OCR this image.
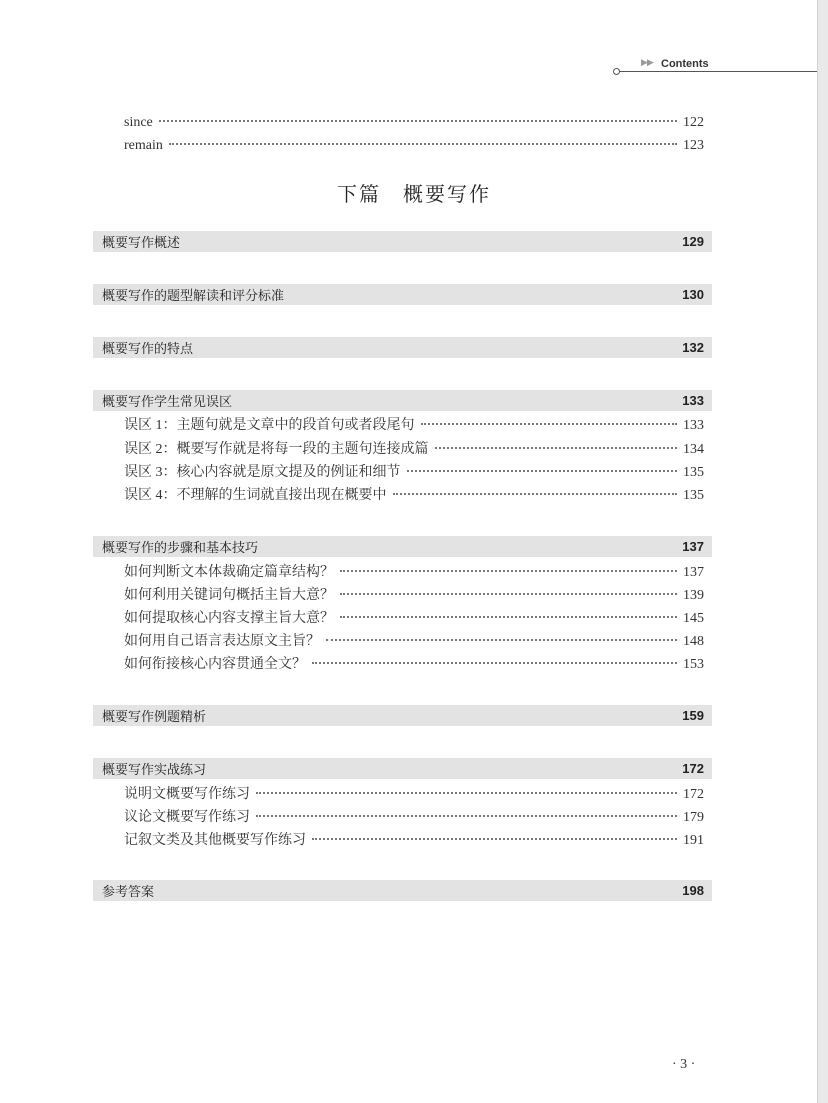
▶▶ Contents
since	122
remain	123
下篇　概要写作
概要写作概述	129
概要写作的题型解读和评分标准	130
概要写作的特点	132
概要写作学生常见误区	133
误区 1：主题句就是文章中的段首句或者段尾句	133
误区 2：概要写作就是将每一段的主题句连接成篇	134
误区 3：核心内容就是原文提及的例证和细节	135
误区 4：不理解的生词就直接出现在概要中	135
概要写作的步骤和基本技巧	137
如何判断文本体裁确定篇章结构？	137
如何利用关键词句概括主旨大意？	139
如何提取核心内容支撑主旨大意？	145
如何用自己语言表达原文主旨？	148
如何衔接核心内容贯通全文？	153
概要写作例题精析	159
概要写作实战练习	172
说明文概要写作练习	172
议论文概要写作练习	179
记叙文类及其他概要写作练习	191
参考答案	198
· 3 ·
